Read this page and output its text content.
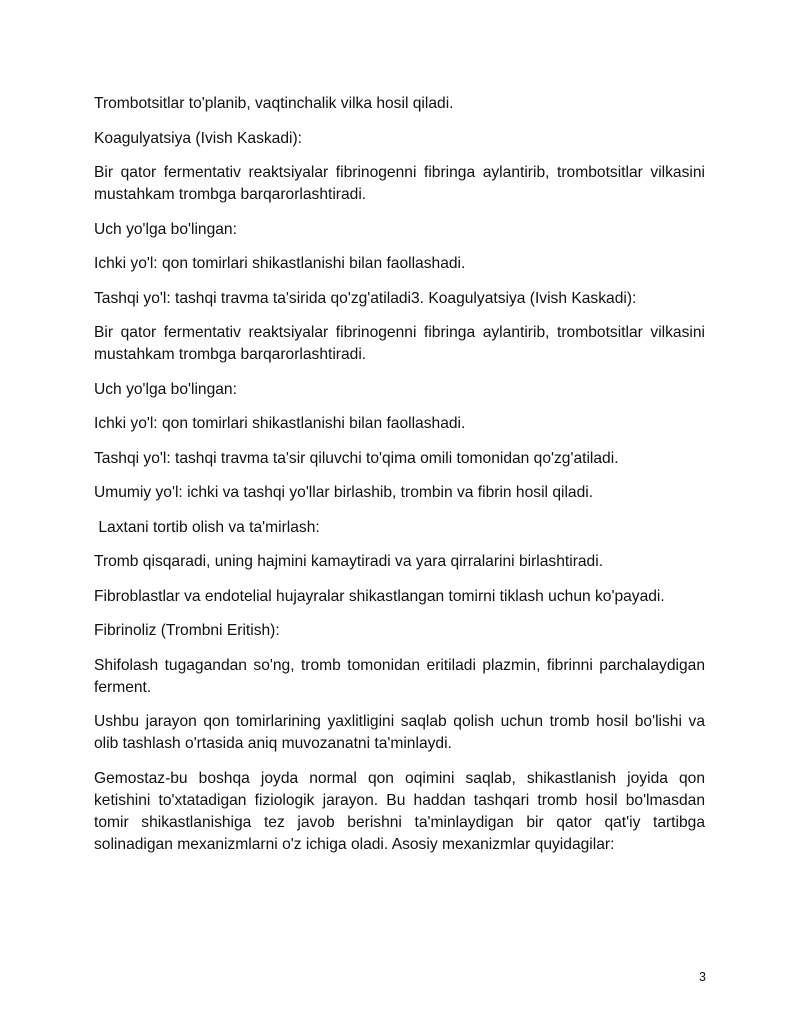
Trombotsitlar to'planib, vaqtinchalik vilka hosil qiladi.

Koagulyatsiya (Ivish Kaskadi):

Bir qator fermentativ reaktsiyalar fibrinogenni fibringa aylantirib, trombotsitlar vilkasini mustahkam trombga barqarorlashtiradi.

Uch yo'lga bo'lingan:

Ichki yo'l: qon tomirlari shikastlanishi bilan faollashadi.

Tashqi yo'l: tashqi travma ta'sirida qo'zg'atiladi3. Koagulyatsiya (Ivish Kaskadi):

Bir qator fermentativ reaktsiyalar fibrinogenni fibringa aylantirib, trombotsitlar vilkasini mustahkam trombga barqarorlashtiradi.

Uch yo'lga bo'lingan:

Ichki yo'l: qon tomirlari shikastlanishi bilan faollashadi.

Tashqi yo'l: tashqi travma ta'sir qiluvchi to'qima omili tomonidan qo'zg'atiladi.

Umumiy yo'l: ichki va tashqi yo'llar birlashib, trombin va fibrin hosil qiladi.

Laxtani tortib olish va ta'mirlash:

Tromb qisqaradi, uning hajmini kamaytiradi va yara qirralarini birlashtiradi.

Fibroblastlar va endotelial hujayralar shikastlangan tomirni tiklash uchun ko'payadi.

Fibrinoliz (Trombni Eritish):

Shifolash tugagandan so'ng, tromb tomonidan eritiladi plazmin, fibrinni parchalaydigan ferment.

Ushbu jarayon qon tomirlarining yaxlitligini saqlab qolish uchun tromb hosil bo'lishi va olib tashlash o'rtasida aniq muvozanatni ta'minlaydi.

Gemostaz-bu boshqa joyda normal qon oqimini saqlab, shikastlanish joyida qon ketishini to'xtatadigan fiziologik jarayon. Bu haddan tashqari tromb hosil bo'lmasdan tomir shikastlanishiga tez javob berishni ta'minlaydigan bir qator qat'iy tartibga solinadigan mexanizmlarni o'z ichiga oladi. Asosiy mexanizmlar quyidagilar:

3
